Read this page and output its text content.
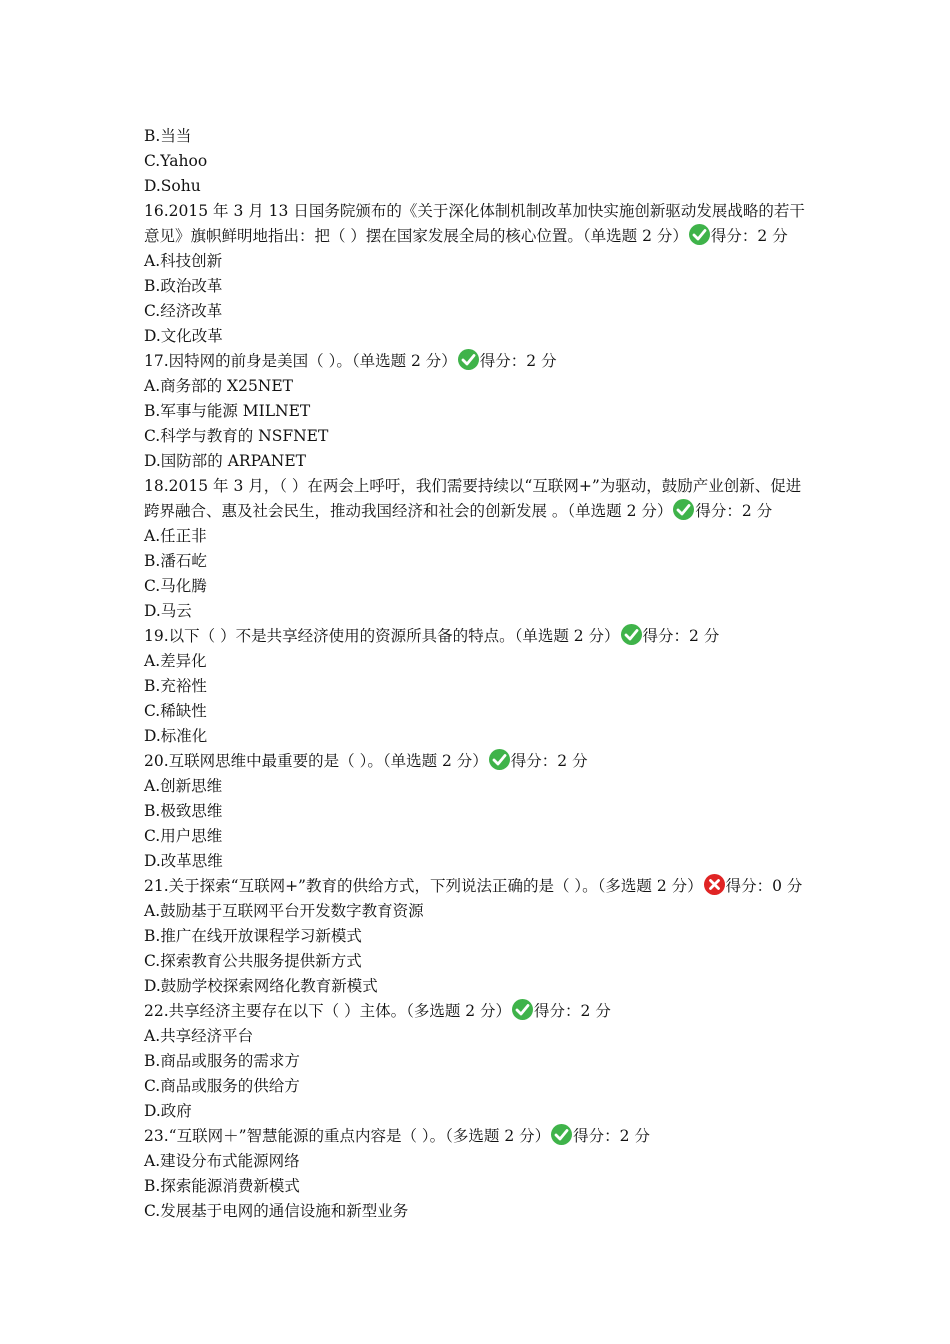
B.当当
C.Yahoo
D.Sohu
16.2015 年 3 月 13 日国务院颁布的《关于深化体制机制改革加快实施创新驱动发展战略的若干意见》旗帜鲜明地指出：把（ ）摆在国家发展全局的核心位置。（单选题 2 分） 得分：2 分
A.科技创新
B.政治改革
C.经济改革
D.文化改革
17.因特网的前身是美国（ ）。（单选题 2 分） 得分：2 分
A.商务部的 X25NET
B.军事与能源 MILNET
C.科学与教育的 NSFNET
D.国防部的 ARPANET
18.2015 年 3 月，（ ）在两会上呼吁，我们需要持续以“互联网+”为驱动，鼓励产业创新、促进跨界融合、惠及社会民生，推动我国经济和社会的创新发展 。（单选题 2 分） 得分：2 分
A.任正非
B.潘石屹
C.马化腾
D.马云
19.以下（ ）不是共享经济使用的资源所具备的特点。（单选题 2 分） 得分：2 分
A.差异化
B.充裕性
C.稀缺性
D.标准化
20.互联网思维中最重要的是（ ）。（单选题 2 分） 得分：2 分
A.创新思维
B.极致思维
C.用户思维
D.改革思维
21.关于探索“互联网+”教育的供给方式，下列说法正确的是（ ）。（多选题 2 分） 得分：0 分
A.鼓励基于互联网平台开发数字教育资源
B.推广在线开放课程学习新模式
C.探索教育公共服务提供新方式
D.鼓励学校探索网络化教育新模式
22.共享经济主要存在以下（ ）主体。（多选题 2 分） 得分：2 分
A.共享经济平台
B.商品或服务的需求方
C.商品或服务的供给方
D.政府
23.“互联网＋”智慧能源的重点内容是（ ）。（多选题 2 分） 得分：2 分
A.建设分布式能源网络
B.探索能源消费新模式
C.发展基于电网的通信设施和新型业务
